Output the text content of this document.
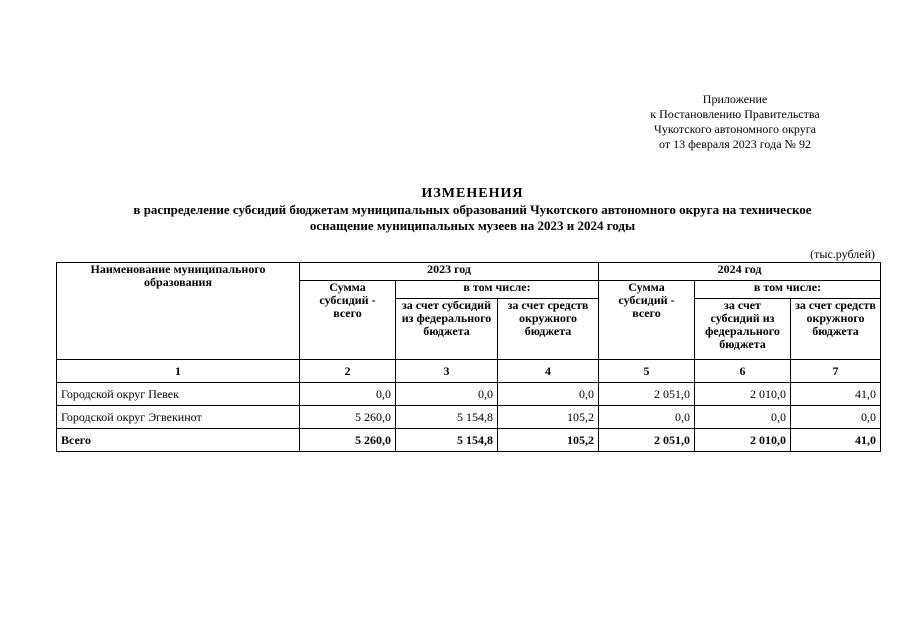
Приложение
к Постановлению Правительства
Чукотского автономного округа
от 13 февраля 2023 года № 92
ИЗМЕНЕНИЯ
в распределение субсидий бюджетам муниципальных образований Чукотского автономного округа на техническое
оснащение муниципальных музеев на 2023 и 2024 годы
(тыс.рублей)
Наименование муниципального образования	2023 год			2024 год		
	Сумма субсидий - всего	в том числе:		Сумма субсидий - всего	в том числе:	
		за счет субсидий из федерального бюджета	за счет средств окружного бюджета		за счет субсидий из федерального бюджета	за счет средств окружного бюджета
1	2	3	4	5	6	7
Городской округ Певек	0,0	0,0	0,0	2 051,0	2 010,0	41,0
Городской округ Эгвекинот	5 260,0	5 154,8	105,2	0,0	0,0	0,0
Всего	5 260,0	5 154,8	105,2	2 051,0	2 010,0	41,0
